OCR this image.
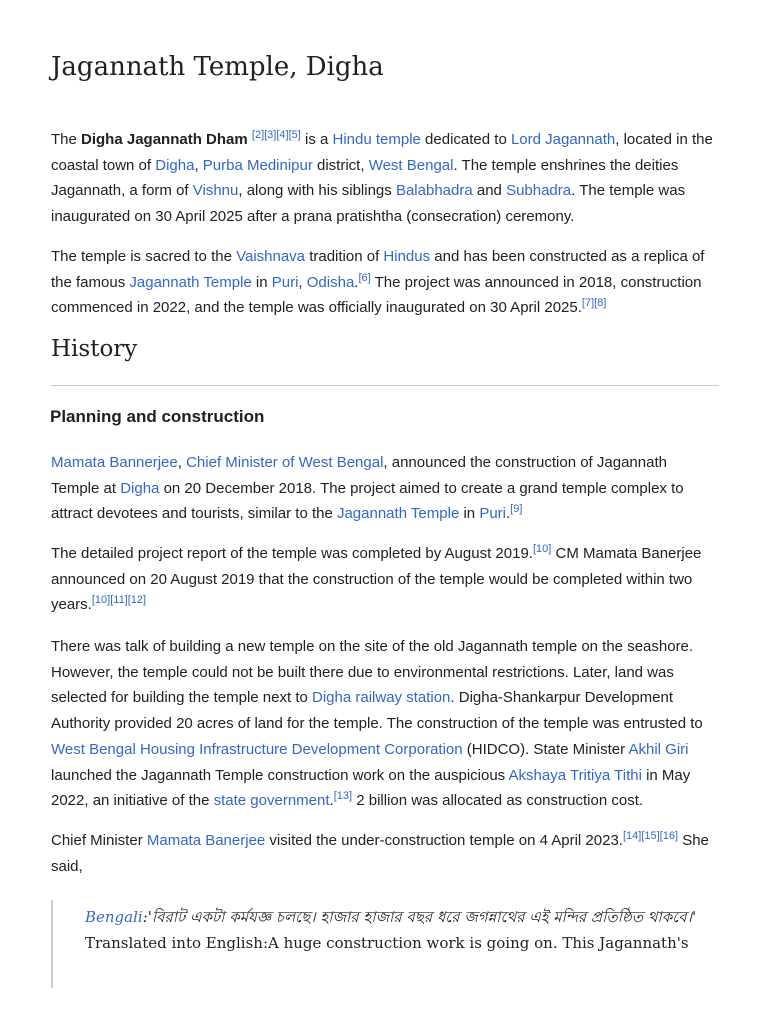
Jagannath Temple, Digha

The Digha Jagannath Dham [2][3][4][5] is a Hindu temple dedicated to Lord Jagannath, located in the coastal town of Digha, Purba Medinipur district, West Bengal. The temple enshrines the deities Jagannath, a form of Vishnu, along with his siblings Balabhadra and Subhadra. The temple was inaugurated on 30 April 2025 after a prana pratishtha (consecration) ceremony.

The temple is sacred to the Vaishnava tradition of Hindus and has been constructed as a replica of the famous Jagannath Temple in Puri, Odisha.[6] The project was announced in 2018, construction commenced in 2022, and the temple was officially inaugurated on 30 April 2025.[7][8]

History
Planning and construction

Mamata Bannerjee, Chief Minister of West Bengal, announced the construction of Jagannath Temple at Digha on 20 December 2018. The project aimed to create a grand temple complex to attract devotees and tourists, similar to the Jagannath Temple in Puri.[9]

The detailed project report of the temple was completed by August 2019.[10] CM Mamata Banerjee announced on 20 August 2019 that the construction of the temple would be completed within two years.[10][11][12]

There was talk of building a new temple on the site of the old Jagannath temple on the seashore. However, the temple could not be built there due to environmental restrictions. Later, land was selected for building the temple next to Digha railway station. Digha-Shankarpur Development Authority provided 20 acres of land for the temple. The construction of the temple was entrusted to West Bengal Housing Infrastructure Development Corporation (HIDCO). State Minister Akhil Giri launched the Jagannath Temple construction work on the auspicious Akshaya Tritiya Tithi in May 2022, an initiative of the state government.[13] 2 billion was allocated as construction cost.

Chief Minister Mamata Banerjee visited the under-construction temple on 4 April 2023.[14][15][16] She said,

Bengali:'বিরাট একটা কর্মযজ্ঞ চলছে। হাজার হাজার বছর ধরে জগন্নাথের এই মন্দির প্রতিষ্ঠিত থাকবে।'
Translated into English:A huge construction work is going on. This Jagannath's
